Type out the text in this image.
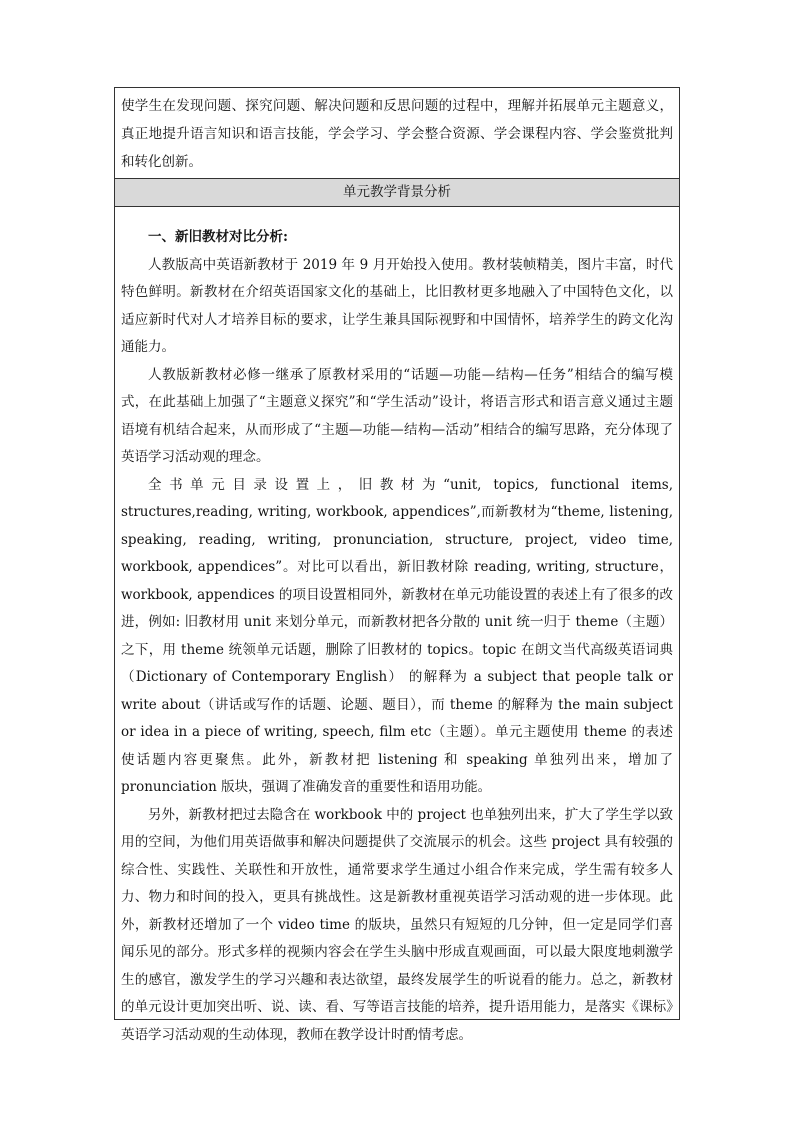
使学生在发现问题、探究问题、解决问题和反思问题的过程中，理解并拓展单元主题意义，真正地提升语言知识和语言技能，学会学习、学会整合资源、学会课程内容、学会鉴赏批判和转化创新。

单元教学背景分析

一、新旧教材对比分析:

人教版高中英语新教材于 2019 年 9 月开始投入使用。教材装帧精美，图片丰富，时代特色鲜明。新教材在介绍英语国家文化的基础上，比旧教材更多地融入了中国特色文化，以适应新时代对人才培养目标的要求，让学生兼具国际视野和中国情怀，培养学生的跨文化沟通能力。

人教版新教材必修一继承了原教材采用的“话题—功能—结构—任务”相结合的编写模式，在此基础上加强了“主题意义探究”和“学生活动”设计，将语言形式和语言意义通过主题语境有机结合起来，从而形成了“主题—功能—结构—活动”相结合的编写思路，充分体现了英语学习活动观的理念。

全书单元目录设置上，旧教材为“unit, topics, functional items, structures,reading, writing, workbook, appendices”,而新教材为“theme, listening, speaking, reading, writing, pronunciation, structure, project, video time, workbook, appendices”。对比可以看出，新旧教材除 reading, writing, structure，workbook, appendices 的项目设置相同外，新教材在单元功能设置的表述上有了很多的改进，例如: 旧教材用 unit 来划分单元，而新教材把各分散的 unit 统一归于 theme（主题）之下，用 theme 统领单元话题，删除了旧教材的 topics。topic 在朗文当代高级英语词典（Dictionary of Contemporary English） 的解释为 a subject that people talk or write about（讲话或写作的话题、论题、题目），而 theme 的解释为 the main subject or idea in a piece of writing, speech, film etc（主题）。单元主题使用 theme 的表述使话题内容更聚焦。此外，新教材把 listening 和 speaking 单独列出来，增加了 pronunciation 版块，强调了准确发音的重要性和语用功能。

另外，新教材把过去隐含在 workbook 中的 project 也单独列出来，扩大了学生学以致用的空间，为他们用英语做事和解决问题提供了交流展示的机会。这些 project 具有较强的综合性、实践性、关联性和开放性，通常要求学生通过小组合作来完成，学生需有较多人力、物力和时间的投入，更具有挑战性。这是新教材重视英语学习活动观的进一步体现。此外，新教材还增加了一个 video time 的版块，虽然只有短短的几分钟，但一定是同学们喜闻乐见的部分。形式多样的视频内容会在学生头脑中形成直观画面，可以最大限度地刺激学生的感官，激发学生的学习兴趣和表达欲望，最终发展学生的听说看的能力。总之，新教材的单元设计更加突出听、说、读、看、写等语言技能的培养，提升语用能力，是落实《课标》英语学习活动观的生动体现，教师在教学设计时酌情考虑。
